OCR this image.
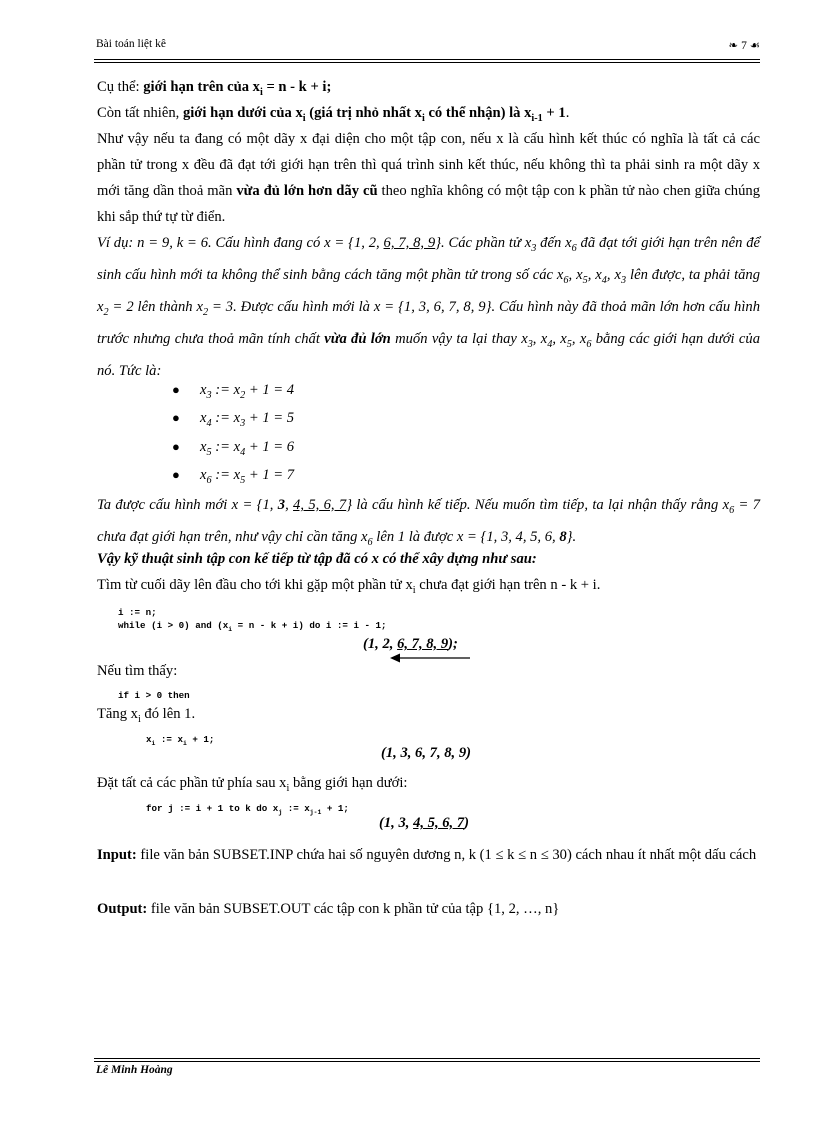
Bài toán liệt kê	❧ 7 ☙
Cụ thể: giới hạn trên của $x_i = n - k + i$;
Còn tất nhiên, giới hạn dưới của $x_i$ (giá trị nhỏ nhất $x_i$ có thể nhận) là $x_{i-1} + 1$.
Như vậy nếu ta đang có một dãy x đại diện cho một tập con, nếu x là cấu hình kết thúc có nghĩa là tất cả các phần tử trong x đều đã đạt tới giới hạn trên thì quá trình sinh kết thúc, nếu không thì ta phải sinh ra một dãy x mới tăng dần thoả mãn vừa đủ lớn hơn dãy cũ theo nghĩa không có một tập con k phần tử nào chen giữa chúng khi sắp thứ tự từ điển.
Ví dụ: n = 9, k = 6. Cấu hình đang có x = {1, 2, 6, 7, 8, 9}. Các phần tử $x_3$ đến $x_6$ đã đạt tới giới hạn trên nên để sinh cấu hình mới ta không thể sinh bằng cách tăng một phần tử trong số các $x_6$, $x_5$, $x_4$, $x_3$ lên được, ta phải tăng $x_2 = 2$ lên thành $x_2 = 3$. Được cấu hình mới là x = {1, 3, 6, 7, 8, 9}. Cấu hình này đã thoả mãn lớn hơn cấu hình trước nhưng chưa thoả mãn tính chất vừa đủ lớn muốn vậy ta lại thay $x_3$, $x_4$, $x_5$, $x_6$ bằng các giới hạn dưới của nó. Tức là:
● $x_3$ := $x_2 + 1 = 4$
● $x_4$ := $x_3 + 1 = 5$
● $x_5$ := $x_4 + 1 = 6$
● $x_6$ := $x_5 + 1 = 7$
Ta được cấu hình mới x = {1, 3, 4, 5, 6, 7} là cấu hình kế tiếp. Nếu muốn tìm tiếp, ta lại nhận thấy rằng $x_6 = 7$ chưa đạt giới hạn trên, như vậy chỉ cần tăng $x_6$ lên 1 là được x = {1, 3, 4, 5, 6, 8}.
Vậy kỹ thuật sinh tập con kế tiếp từ tập đã có x có thể xây dựng như sau:
Tìm từ cuối dãy lên đầu cho tới khi gặp một phần tử $x_i$ chưa đạt giới hạn trên n - k + i.
i := n;
while (i > 0) and $(x_i = n - k + i)$ do i := i - 1;
(1, 2, 6, 7, 8, 9);
Nếu tìm thấy:
if i > 0 then
Tăng $x_i$ đó lên 1.
$x_i$ := $x_i + 1$;
(1, 3, 6, 7, 8, 9)
Đặt tất cả các phần tử phía sau $x_i$ bằng giới hạn dưới:
for j := i + 1 to k do $x_j$ := $x_{j-1} + 1$;
(1, 3, 4, 5, 6, 7)
Input: file văn bản SUBSET.INP chứa hai số nguyên dương n, k (1 ≤ k ≤ n ≤ 30) cách nhau ít nhất một dấu cách
Output: file văn bản SUBSET.OUT các tập con k phần tử của tập {1, 2, …, n}
Lê Minh Hoàng
